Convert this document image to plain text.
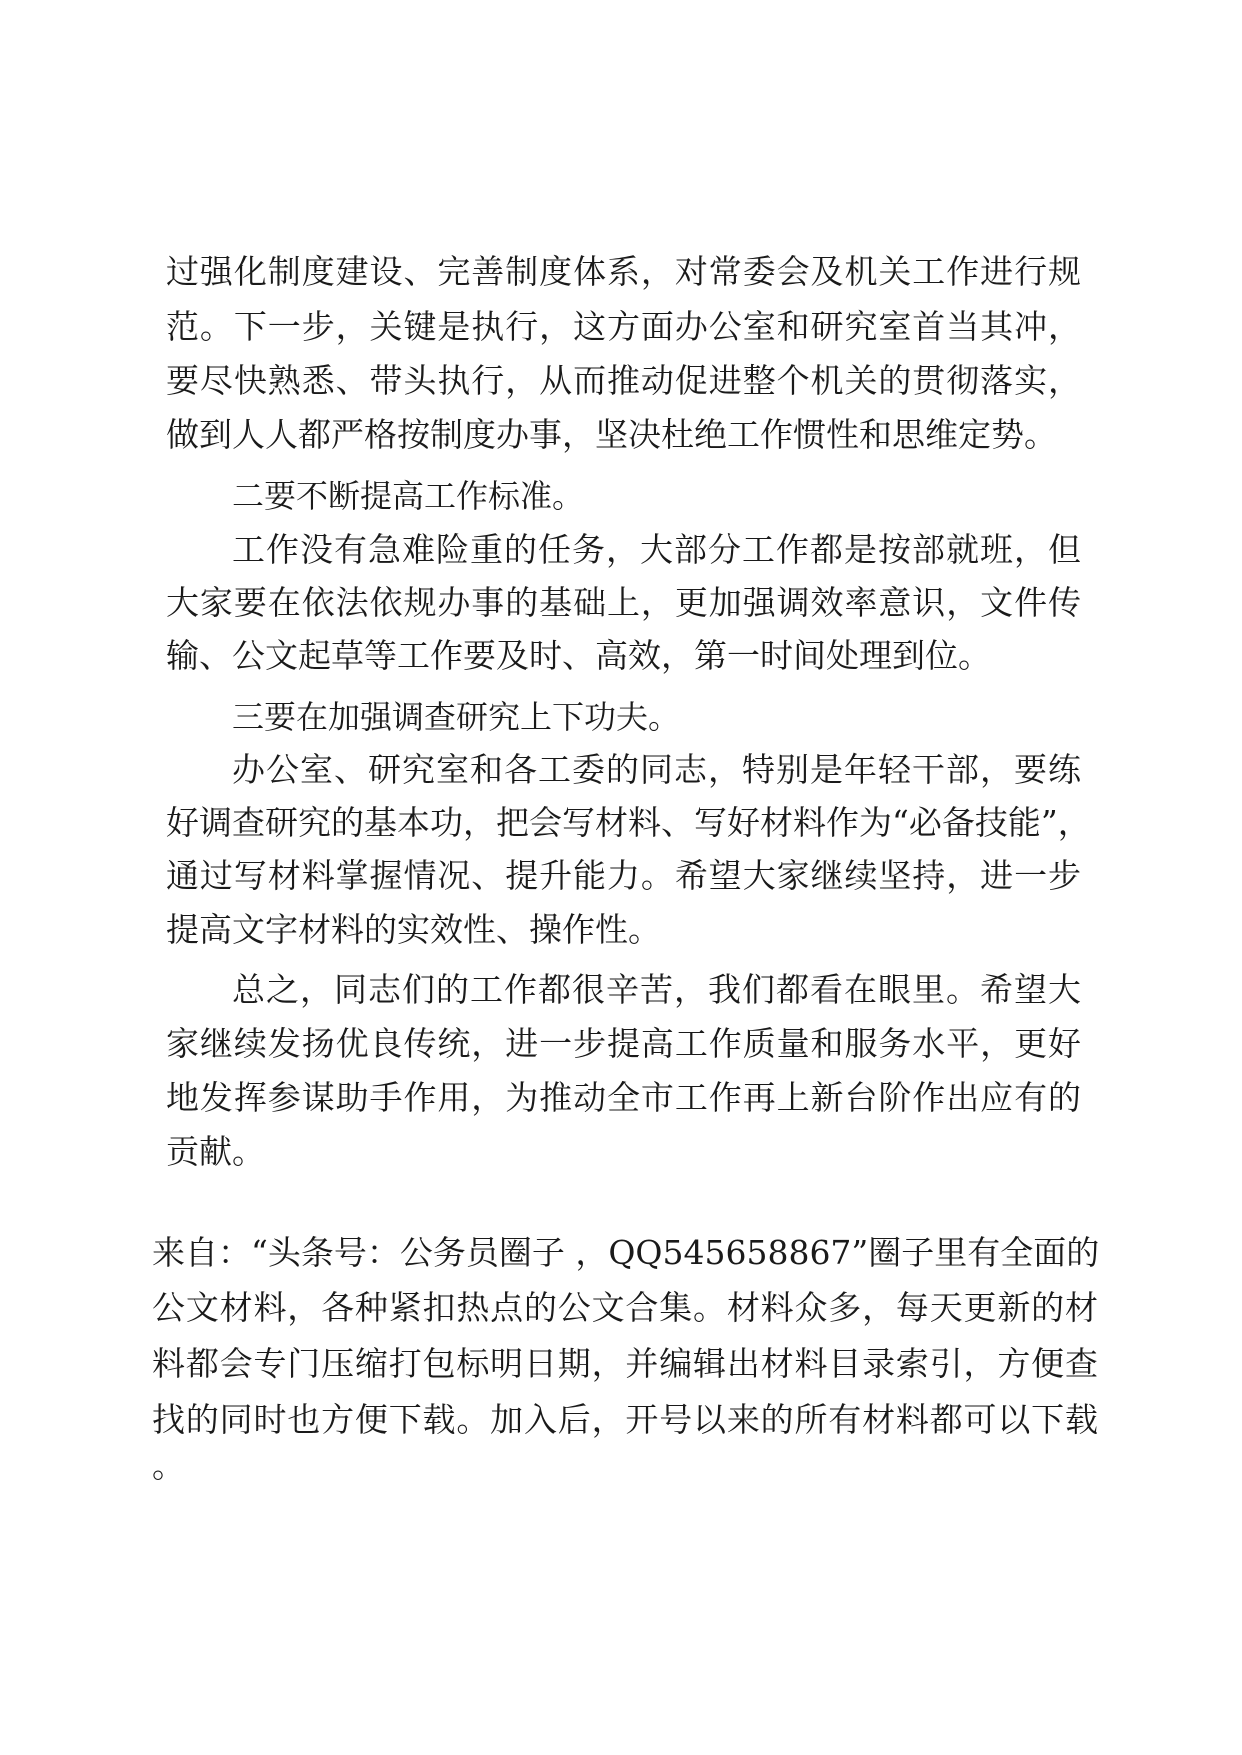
过强化制度建设、完善制度体系，对常委会及机关工作进行规
范。下一步，关键是执行，这方面办公室和研究室首当其冲，
要尽快熟悉、带头执行，从而推动促进整个机关的贯彻落实，
做到人人都严格按制度办事，坚决杜绝工作惯性和思维定势。
二要不断提高工作标准。
工作没有急难险重的任务，大部分工作都是按部就班，但
大家要在依法依规办事的基础上，更加强调效率意识，文件传
输、公文起草等工作要及时、高效，第一时间处理到位。
三要在加强调查研究上下功夫。
办公室、研究室和各工委的同志，特别是年轻干部，要练
好调查研究的基本功，把会写材料、写好材料作为“必备技能”，
通过写材料掌握情况、提升能力。希望大家继续坚持，进一步
提高文字材料的实效性、操作性。
总之，同志们的工作都很辛苦，我们都看在眼里。希望大
家继续发扬优良传统，进一步提高工作质量和服务水平，更好
地发挥参谋助手作用，为推动全市工作再上新台阶作出应有的
贡献。
来自：“头条号：公务员圈子 ，QQ545658867”圈子里有全面的
公文材料，各种紧扣热点的公文合集。材料众多，每天更新的材
料都会专门压缩打包标明日期，并编辑出材料目录索引，方便查
找的同时也方便下载。加入后，开号以来的所有材料都可以下载
。
